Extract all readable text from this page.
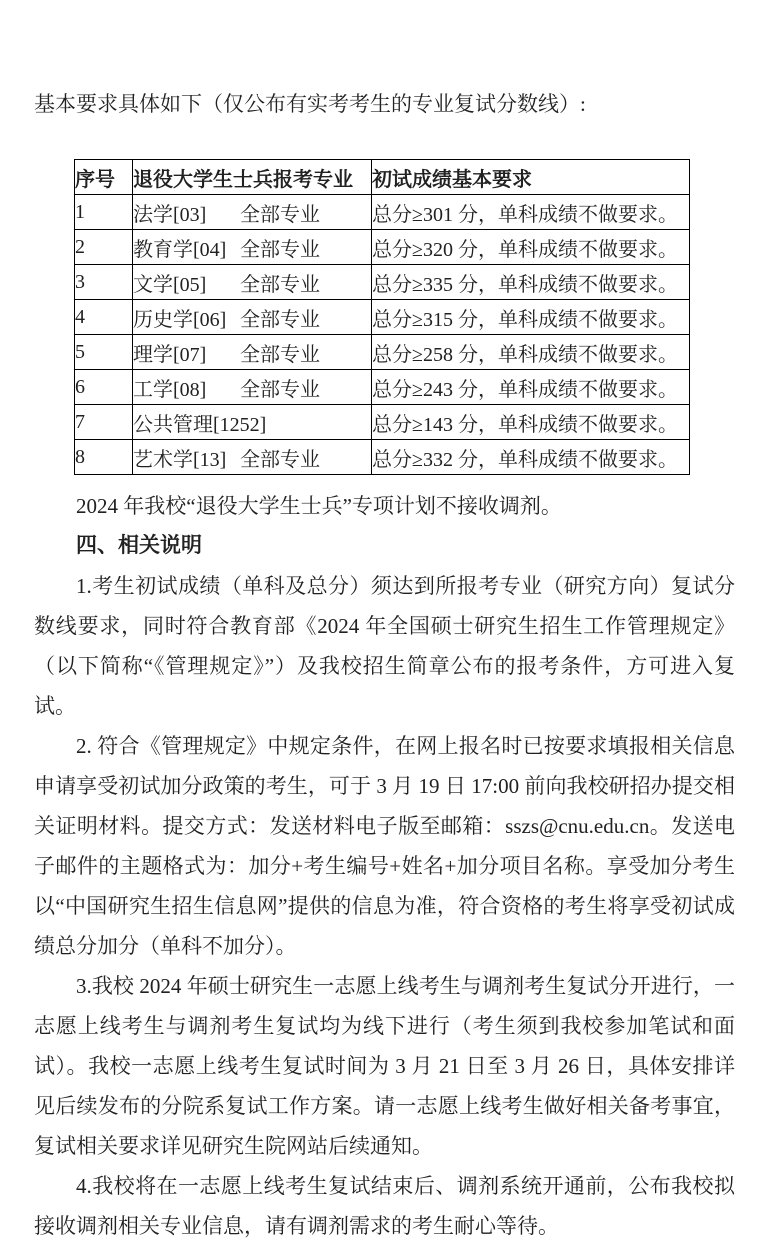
基本要求具体如下（仅公布有实考考生的专业复试分数线）:
序号	退役大学生士兵报考专业	初试成绩基本要求
1	法学[03] 全部专业	总分≥301 分，单科成绩不做要求。
2	教育学[04] 全部专业	总分≥320 分，单科成绩不做要求。
3	文学[05] 全部专业	总分≥335 分，单科成绩不做要求。
4	历史学[06] 全部专业	总分≥315 分，单科成绩不做要求。
5	理学[07] 全部专业	总分≥258 分，单科成绩不做要求。
6	工学[08] 全部专业	总分≥243 分，单科成绩不做要求。
7	公共管理[1252]	总分≥143 分，单科成绩不做要求。
8	艺术学[13] 全部专业	总分≥332 分，单科成绩不做要求。

2024 年我校“退役大学生士兵”专项计划不接收调剂。

四、相关说明

1.考生初试成绩（单科及总分）须达到所报考专业（研究方向）复试分数线要求，同时符合教育部《2024 年全国硕士研究生招生工作管理规定》（以下简称“《管理规定》”）及我校招生简章公布的报考条件，方可进入复试。

2. 符合《管理规定》中规定条件，在网上报名时已按要求填报相关信息申请享受初试加分政策的考生，可于 3 月 19 日 17:00 前向我校研招办提交相关证明材料。提交方式：发送材料电子版至邮箱：sszs@cnu.edu.cn。发送电子邮件的主题格式为：加分+考生编号+姓名+加分项目名称。享受加分考生以“中国研究生招生信息网”提供的信息为准，符合资格的考生将享受初试成绩总分加分（单科不加分）。

3.我校 2024 年硕士研究生一志愿上线考生与调剂考生复试分开进行，一志愿上线考生与调剂考生复试均为线下进行（考生须到我校参加笔试和面试）。我校一志愿上线考生复试时间为 3 月 21 日至 3 月 26 日，具体安排详见后续发布的分院系复试工作方案。请一志愿上线考生做好相关备考事宜，复试相关要求详见研究生院网站后续通知。

4.我校将在一志愿上线考生复试结束后、调剂系统开通前，公布我校拟接收调剂相关专业信息，请有调剂需求的考生耐心等待。
